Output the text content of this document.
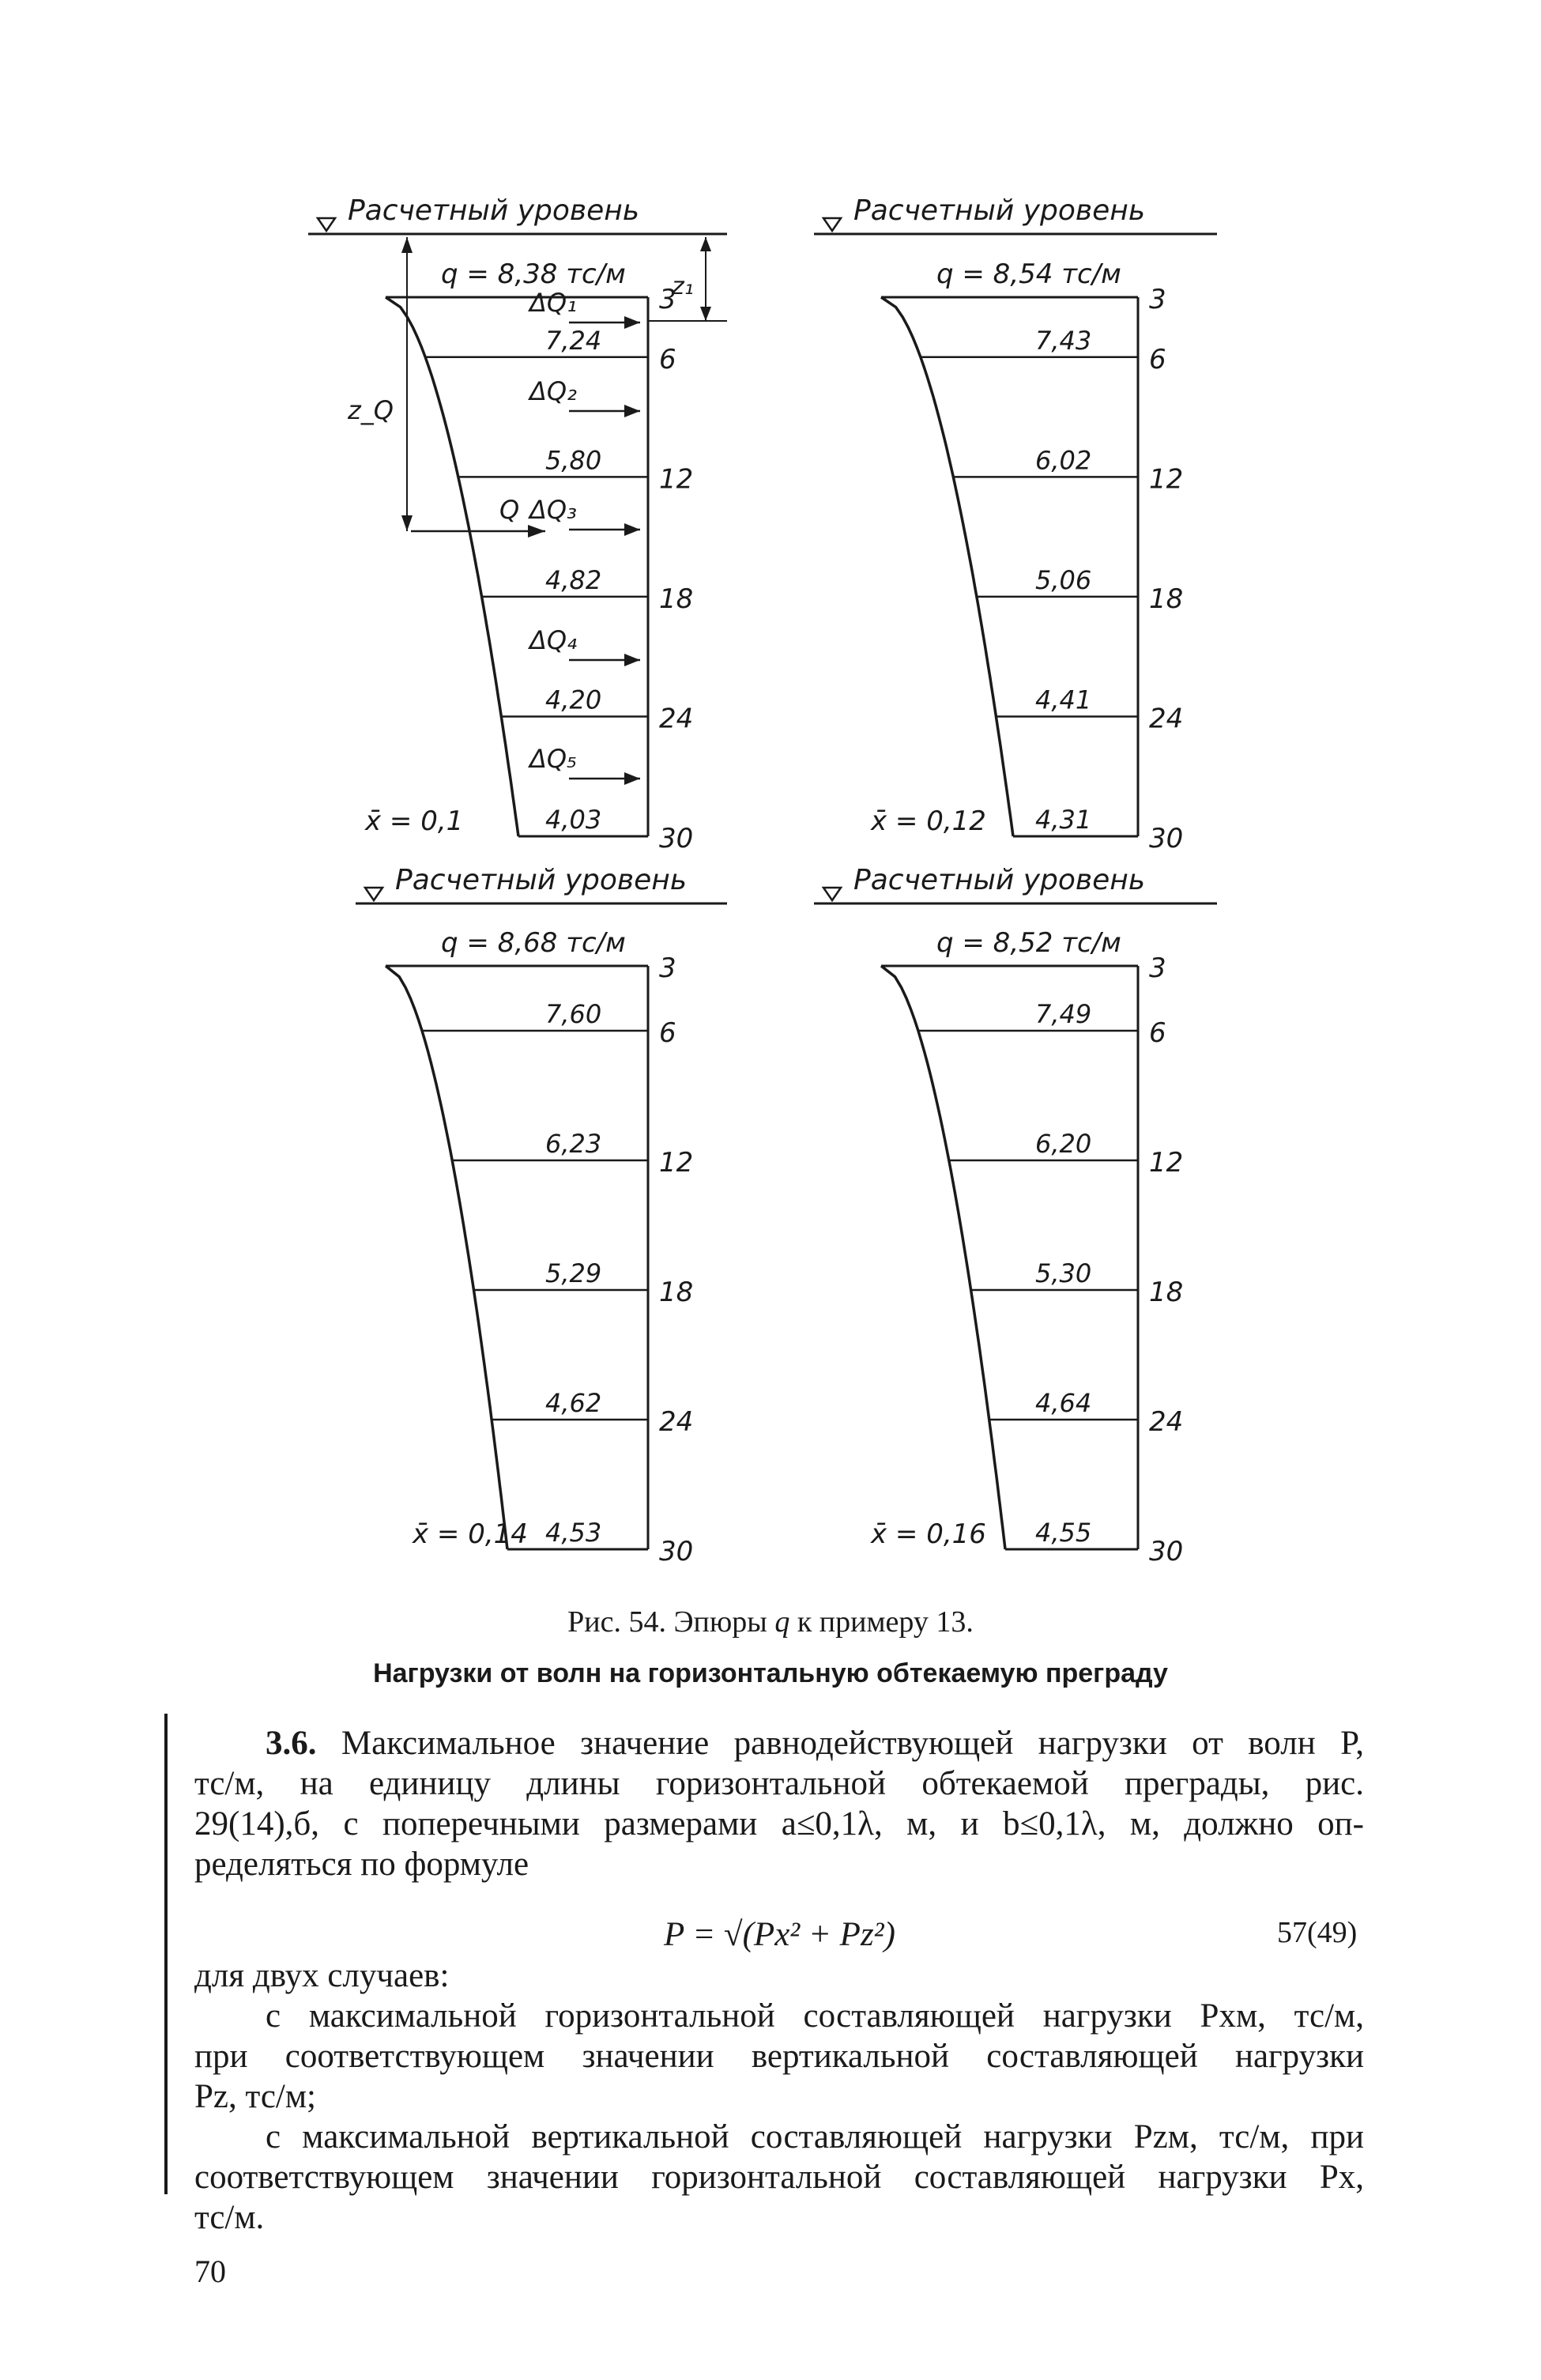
Расчетный уровень
q = 8,38 тс/м
3
6
12
18
24
30
7,24
5,80
4,82
4,20
4,03
x̄ = 0,1
ΔQ₁
ΔQ₂
ΔQ₃
ΔQ₄
ΔQ₅
Q
z_Q
z₁
Расчетный уровень
q = 8,54 тс/м
3
6
12
18
24
30
7,43
6,02
5,06
4,41
4,31
x̄ = 0,12
Расчетный уровень
q = 8,68 тс/м
3
6
12
18
24
30
7,60
6,23
5,29
4,62
4,53
x̄ = 0,14
Расчетный уровень
q = 8,52 тс/м
3
6
12
18
24
30
7,49
6,20
5,30
4,64
4,55
x̄ = 0,16
Рис. 54. Эпюры q к примеру 13.
Нагрузки от волн на горизонтальную обтекаемую преграду
3.6. Максимальное значение равнодействующей нагрузки от волн P,
тс/м, на единицу длины горизонтальной обтекаемой преграды, рис.
29(14),б, с поперечными размерами a≤0,1λ, м, и b≤0,1λ, м, должно оп-
ределяться по формуле
P = √(Px² + Pz²)	57(49)
для двух случаев:
с максимальной горизонтальной составляющей нагрузки Pxм, тс/м,
при соответствующем значении вертикальной составляющей нагрузки
Pz, тс/м;
с максимальной вертикальной составляющей нагрузки Pzм, тс/м, при
соответствующем значении горизонтальной составляющей нагрузки Px,
тс/м.
70
